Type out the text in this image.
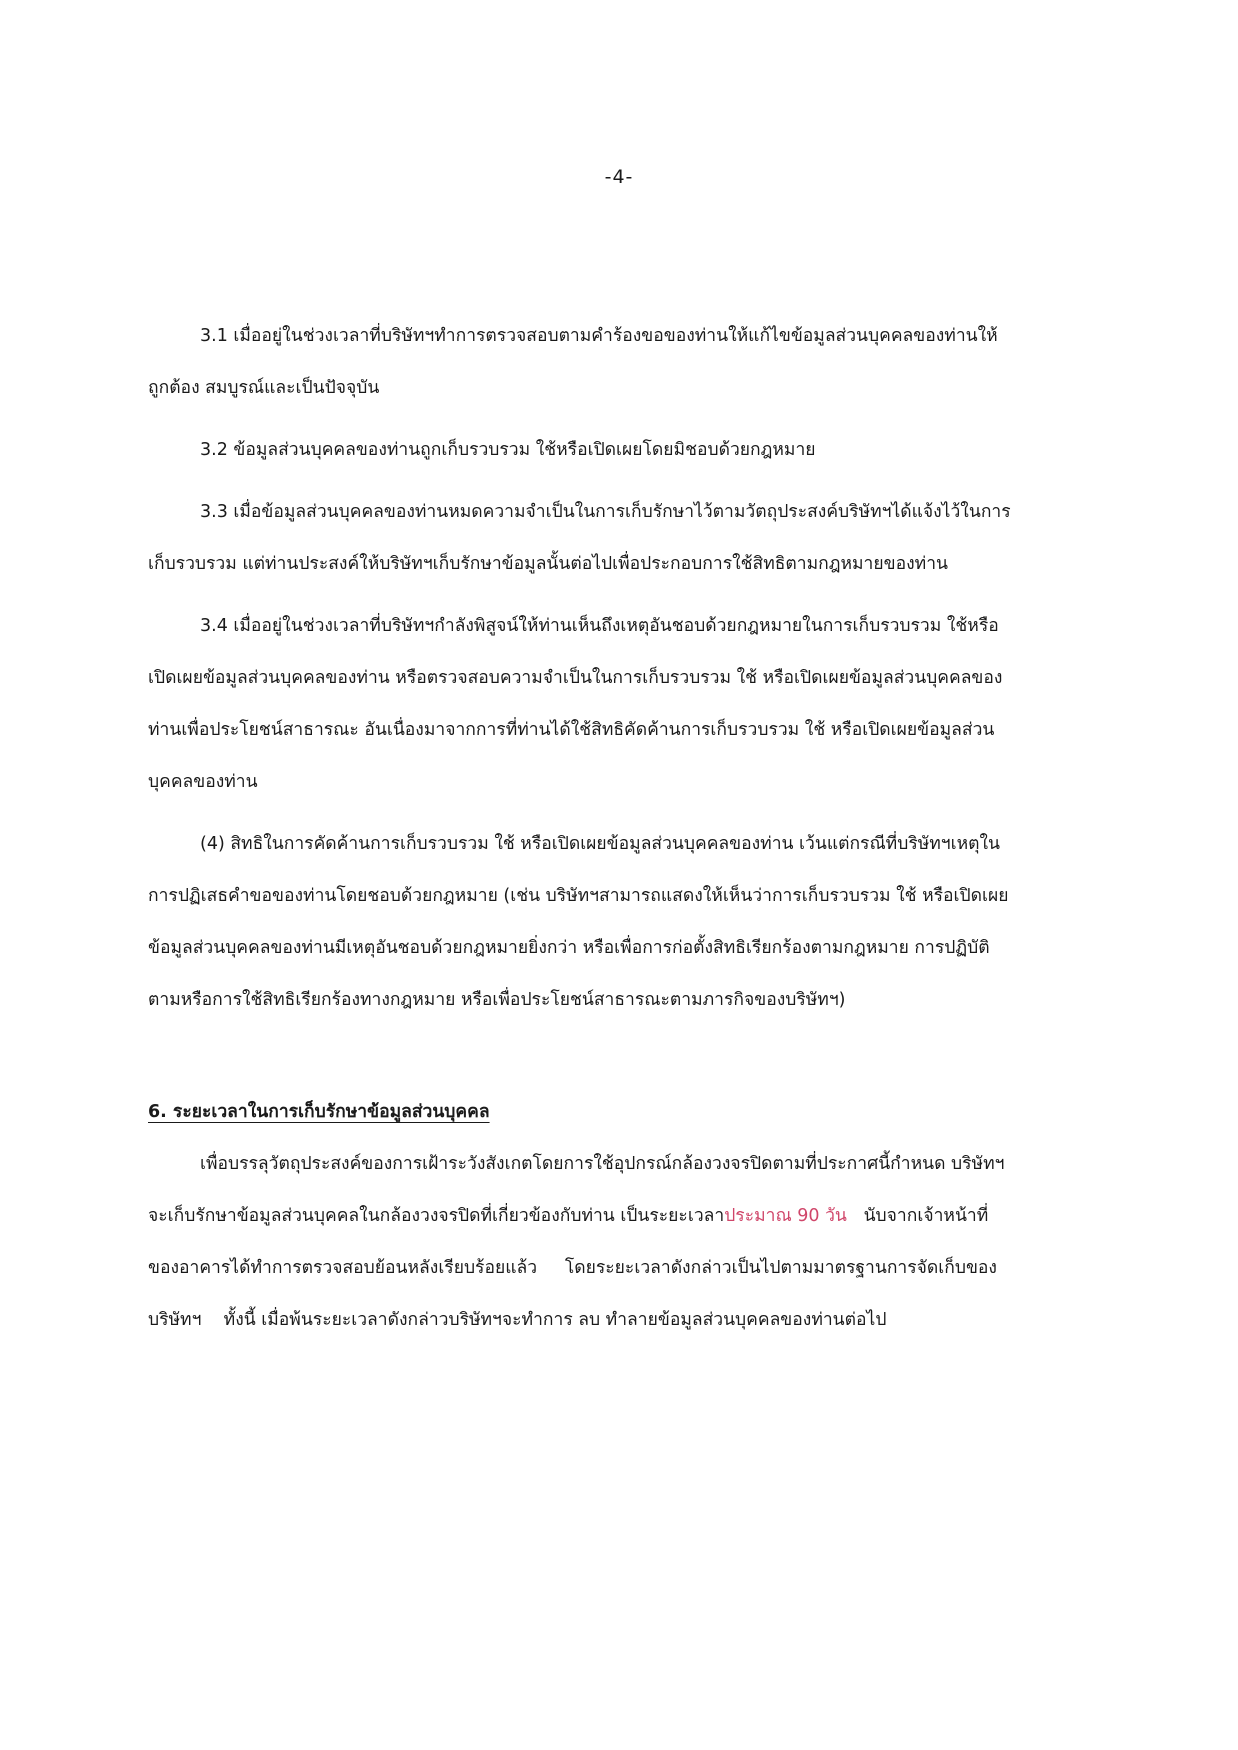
-4-

3.1 เมื่ออยู่ในช่วงเวลาที่บริษัทฯทำการตรวจสอบตามคำร้องขอของท่านให้แก้ไขข้อมูลส่วนบุคคลของท่านให้
ถูกต้อง สมบูรณ์และเป็นปัจจุบัน

3.2 ข้อมูลส่วนบุคคลของท่านถูกเก็บรวบรวม ใช้หรือเปิดเผยโดยมิชอบด้วยกฎหมาย

3.3 เมื่อข้อมูลส่วนบุคคลของท่านหมดความจำเป็นในการเก็บรักษาไว้ตามวัตถุประสงค์บริษัทฯได้แจ้งไว้ในการ
เก็บรวบรวม แต่ท่านประสงค์ให้บริษัทฯเก็บรักษาข้อมูลนั้นต่อไปเพื่อประกอบการใช้สิทธิตามกฎหมายของท่าน

3.4 เมื่ออยู่ในช่วงเวลาที่บริษัทฯกำลังพิสูจน์ให้ท่านเห็นถึงเหตุอันชอบด้วยกฎหมายในการเก็บรวบรวม ใช้หรือ
เปิดเผยข้อมูลส่วนบุคคลของท่าน หรือตรวจสอบความจำเป็นในการเก็บรวบรวม ใช้ หรือเปิดเผยข้อมูลส่วนบุคคลของ
ท่านเพื่อประโยชน์สาธารณะ อันเนื่องมาจากการที่ท่านได้ใช้สิทธิคัดค้านการเก็บรวบรวม ใช้ หรือเปิดเผยข้อมูลส่วน
บุคคลของท่าน

(4) สิทธิในการคัดค้านการเก็บรวบรวม ใช้ หรือเปิดเผยข้อมูลส่วนบุคคลของท่าน เว้นแต่กรณีที่บริษัทฯเหตุใน
การปฏิเสธคำขอของท่านโดยชอบด้วยกฎหมาย (เช่น บริษัทฯสามารถแสดงให้เห็นว่าการเก็บรวบรวม ใช้ หรือเปิดเผย
ข้อมูลส่วนบุคคลของท่านมีเหตุอันชอบด้วยกฎหมายยิ่งกว่า หรือเพื่อการก่อตั้งสิทธิเรียกร้องตามกฎหมาย การปฏิบัติ
ตามหรือการใช้สิทธิเรียกร้องทางกฎหมาย หรือเพื่อประโยชน์สาธารณะตามภารกิจของบริษัทฯ)

6. ระยะเวลาในการเก็บรักษาข้อมูลส่วนบุคคล

เพื่อบรรลุวัตถุประสงค์ของการเฝ้าระวังสังเกตโดยการใช้อุปกรณ์กล้องวงจรปิดตามที่ประกาศนี้กำหนด บริษัทฯ
จะเก็บรักษาข้อมูลส่วนบุคคลในกล้องวงจรปิดที่เกี่ยวข้องกับท่าน เป็นระยะเวลาประมาณ 90 วัน   นับจากเจ้าหน้าที่
ของอาคารได้ทำการตรวจสอบย้อนหลังเรียบร้อยแล้ว     โดยระยะเวลาดังกล่าวเป็นไปตามมาตรฐานการจัดเก็บของ
บริษัทฯ    ทั้งนี้ เมื่อพ้นระยะเวลาดังกล่าวบริษัทฯจะทำการ ลบ ทำลายข้อมูลส่วนบุคคลของท่านต่อไป
